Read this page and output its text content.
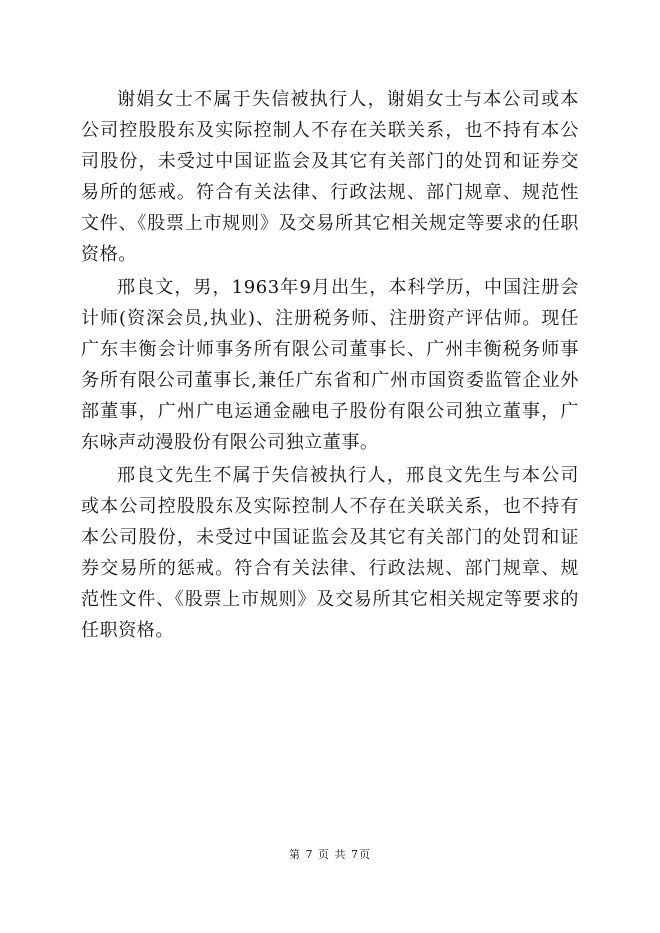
谢娟女士不属于失信被执行人，谢娟女士与本公司或本公司控股股东及实际控制人不存在关联关系，也不持有本公司股份，未受过中国证监会及其它有关部门的处罚和证券交易所的惩戒。符合有关法律、行政法规、部门规章、规范性文件、《股票上市规则》及交易所其它相关规定等要求的任职资格。

邢良文，男，1963年9月出生，本科学历，中国注册会计师(资深会员,执业)、注册税务师、注册资产评估师。现任广东丰衡会计师事务所有限公司董事长、广州丰衡税务师事务所有限公司董事长,兼任广东省和广州市国资委监管企业外部董事，广州广电运通金融电子股份有限公司独立董事，广东咏声动漫股份有限公司独立董事。

邢良文先生不属于失信被执行人，邢良文先生与本公司或本公司控股股东及实际控制人不存在关联关系，也不持有本公司股份，未受过中国证监会及其它有关部门的处罚和证券交易所的惩戒。符合有关法律、行政法规、部门规章、规范性文件、《股票上市规则》及交易所其它相关规定等要求的任职资格。

第 7 页 共 7页
